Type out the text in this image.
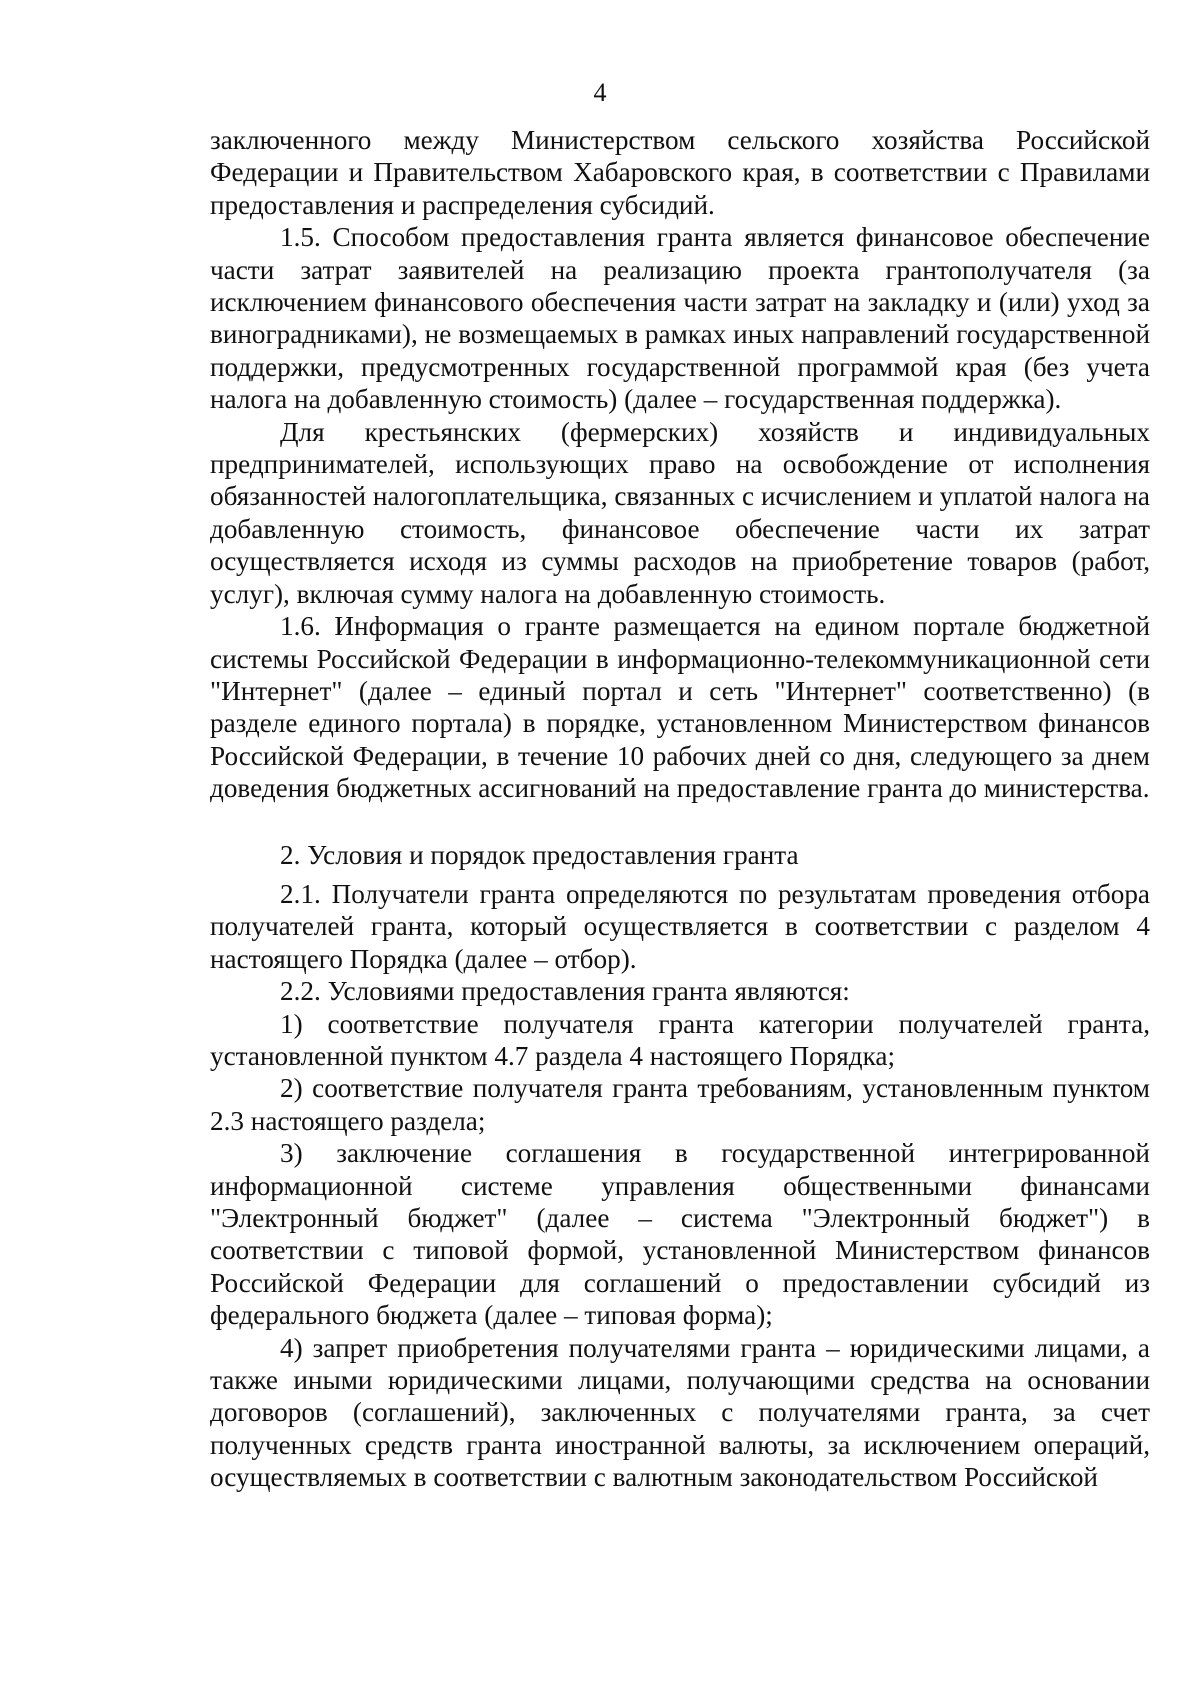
4

заключенного между Министерством сельского хозяйства Российской Федерации и Правительством Хабаровского края, в соответствии с Правилами предоставления и распределения субсидий.

1.5. Способом предоставления гранта является финансовое обеспечение части затрат заявителей на реализацию проекта грантополучателя (за исключением финансового обеспечения части затрат на закладку и (или) уход за виноградниками), не возмещаемых в рамках иных направлений государственной поддержки, предусмотренных государственной программой края (без учета налога на добавленную стоимость) (далее – государственная поддержка).

Для крестьянских (фермерских) хозяйств и индивидуальных предпринимателей, использующих право на освобождение от исполнения обязанностей налогоплательщика, связанных с исчислением и уплатой налога на добавленную стоимость, финансовое обеспечение части их затрат осуществляется исходя из суммы расходов на приобретение товаров (работ, услуг), включая сумму налога на добавленную стоимость.

1.6. Информация о гранте размещается на едином портале бюджетной системы Российской Федерации в информационно-телекоммуникационной сети "Интернет" (далее – единый портал и сеть "Интернет" соответственно) (в разделе единого портала) в порядке, установленном Министерством финансов Российской Федерации, в течение 10 рабочих дней со дня, следующего за днем доведения бюджетных ассигнований на предоставление гранта до министерства.

2. Условия и порядок предоставления гранта

2.1. Получатели гранта определяются по результатам проведения отбора получателей гранта, который осуществляется в соответствии с разделом 4 настоящего Порядка (далее – отбор).

2.2. Условиями предоставления гранта являются:

1) соответствие получателя гранта категории получателей гранта, установленной пунктом 4.7 раздела 4 настоящего Порядка;

2) соответствие получателя гранта требованиям, установленным пунктом 2.3 настоящего раздела;

3) заключение соглашения в государственной интегрированной информационной системе управления общественными финансами "Электронный бюджет" (далее – система "Электронный бюджет") в соответствии с типовой формой, установленной Министерством финансов Российской Федерации для соглашений о предоставлении субсидий из федерального бюджета (далее – типовая форма);

4) запрет приобретения получателями гранта – юридическими лицами, а также иными юридическими лицами, получающими средства на основании договоров (соглашений), заключенных с получателями гранта, за счет полученных средств гранта иностранной валюты, за исключением операций, осуществляемых в соответствии с валютным законодательством Российской
